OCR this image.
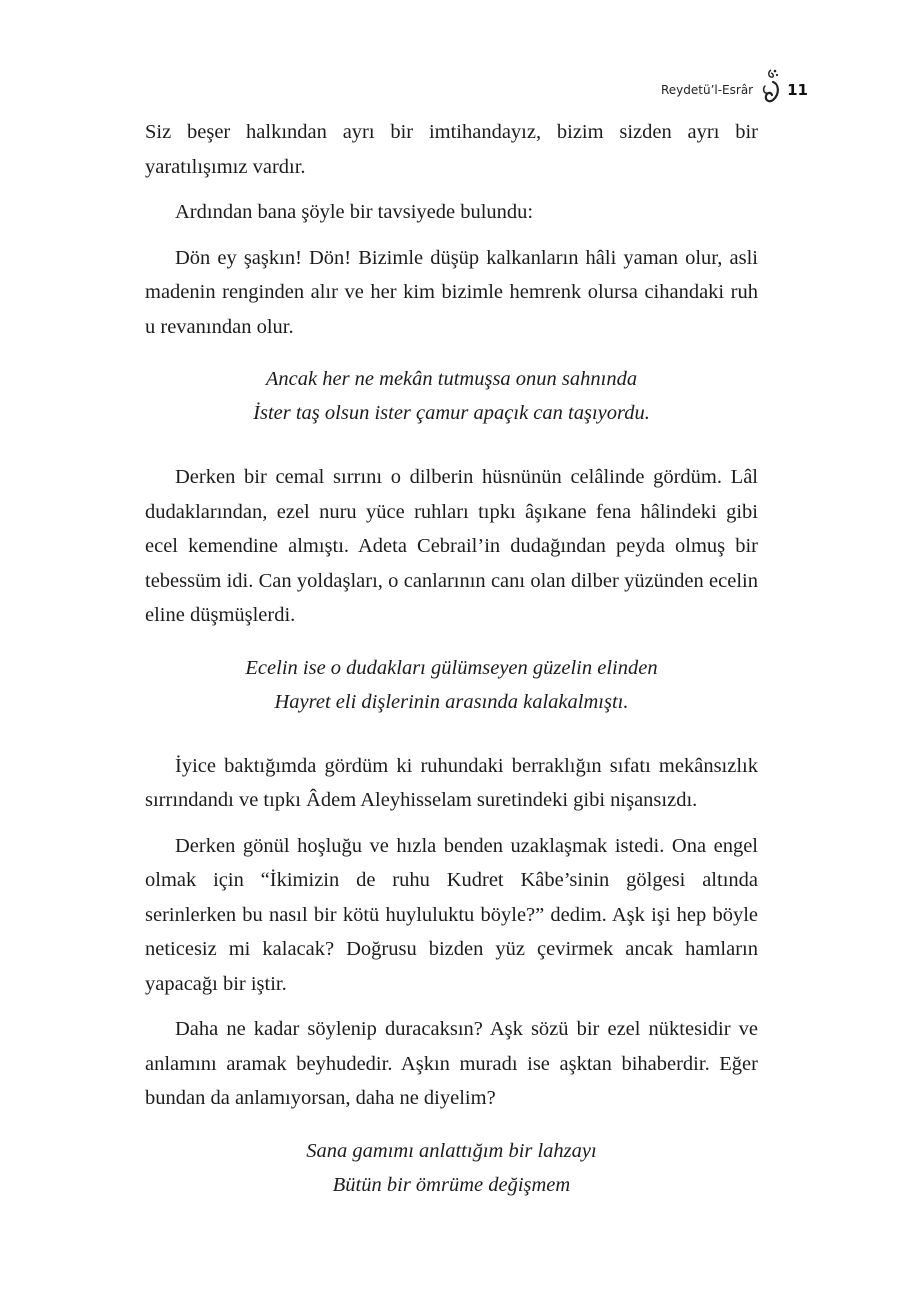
Reydetü’l-Esrâr 11

Siz beşer halkından ayrı bir imtihandayız, bizim sizden ayrı bir yaratılışımız vardır.

Ardından bana şöyle bir tavsiyede bulundu:

Dön ey şaşkın! Dön! Bizimle düşüp kalkanların hâli yaman olur, asli madenin renginden alır ve her kim bizimle hemrenk olursa cihandaki ruh u revanından olur.

Ancak her ne mekân tutmuşsa onun sahnında
İster taş olsun ister çamur apaçık can taşıyordu.

Derken bir cemal sırrını o dilberin hüsnünün celâlinde gördüm. Lâl dudaklarından, ezel nuru yüce ruhları tıpkı âşıkane fena hâlindeki gibi ecel kemendine almıştı. Adeta Cebrail’in dudağından peyda olmuş bir tebessüm idi. Can yoldaşları, o canlarının canı olan dilber yüzünden ecelin eline düşmüşlerdi.

Ecelin ise o dudakları gülümseyen güzelin elinden
Hayret eli dişlerinin arasında kalakalmıştı.

İyice baktığımda gördüm ki ruhundaki berraklığın sıfatı mekânsızlık sırrındandı ve tıpkı Âdem Aleyhisselam suretindeki gibi nişansızdı.

Derken gönül hoşluğu ve hızla benden uzaklaşmak istedi. Ona engel olmak için “İkimizin de ruhu Kudret Kâbe’sinin gölgesi altında serinlerken bu nasıl bir kötü huyluluktu böyle?” dedim. Aşk işi hep böyle neticesiz mi kalacak? Doğrusu bizden yüz çevirmek ancak hamların yapacağı bir iştir.

Daha ne kadar söylenip duracaksın? Aşk sözü bir ezel nüktesidir ve anlamını aramak beyhudedir. Aşkın muradı ise aşktan bihaberdir. Eğer bundan da anlamıyorsan, daha ne diyelim?

Sana gamımı anlattığım bir lahzayı
Bütün bir ömrüme değişmem
